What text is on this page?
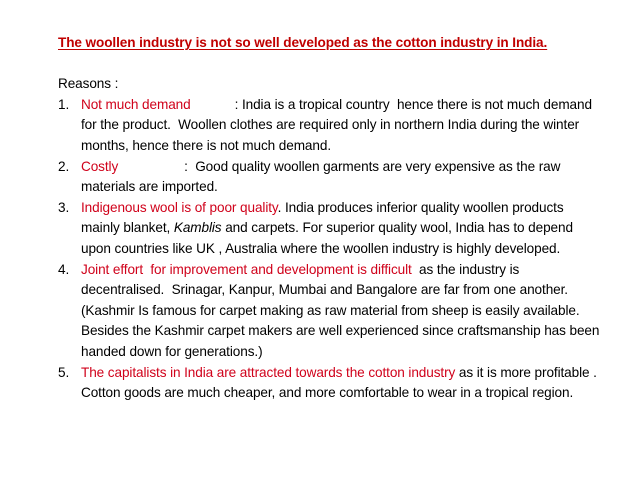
The woollen industry is not so well developed as the cotton industry in India.

Reasons :

1. Not much demand	: India is a tropical country  hence there is not much demand for the product.  Woollen clothes are required only in northern India during the winter months, hence there is not much demand.
2. Costly	:  Good quality woollen garments are very expensive as the raw materials are imported.
3. Indigenous wool is of poor quality. India produces inferior quality woollen products mainly blanket, Kamblis and carpets. For superior quality wool, India has to depend upon countries like UK , Australia where the woollen industry is highly developed.
4. Joint effort  for improvement and development is difficult  as the industry is decentralised.  Srinagar, Kanpur, Mumbai and Bangalore are far from one another.(Kashmir Is famous for carpet making as raw material from sheep is easily available. Besides the Kashmir carpet makers are well experienced since craftsmanship has been handed down for generations.)
5. The capitalists in India are attracted towards the cotton industry as it is more profitable . Cotton goods are much cheaper, and more comfortable to wear in a tropical region.
